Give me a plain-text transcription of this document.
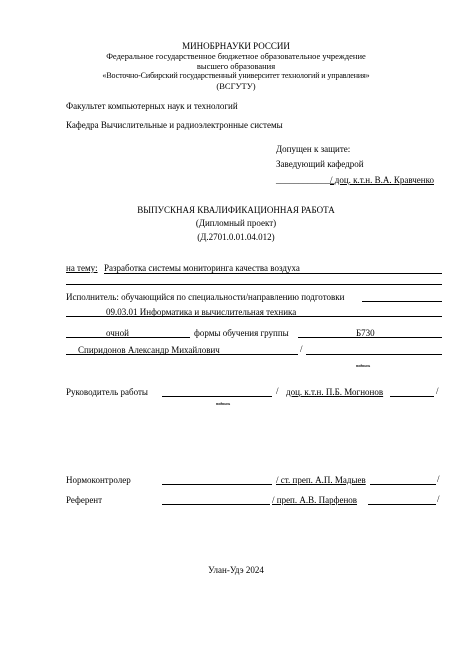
МИНОБРНАУКИ РОССИИ
Федеральное государственное бюджетное образовательное учреждение
высшего образования
«Восточно-Сибирский государственный университет технологий и управления»
(ВСГУТУ)
Факультет компьютерных наук и технологий
Кафедра Вычислительные и радиоэлектронные системы
Допущен к защите:
Заведующий кафедрой
_____________
/ доц. к.т.н. В.А. Кравченко
ВЫПУСКНАЯ КВАЛИФИКАЦИОННАЯ РАБОТА
(Дипломный проект)
(Д.2701.0.01.04.012)
на тему: Разработка системы мониторинга качества воздуха
Исполнитель: обучающийся по специальности/направлению подготовки
09.03.01 Информатика и вычислительная техника
очной	формы обучения группы	Б730
Спиридонов Александр Михайлович	/
подпись
Руководитель работы	/ доц. к.т.н. П.Б. Могнонов	/
подпись
Нормоконтролер	/ ст. преп. А.П. Мадыев	/
Референт	/ преп. А.В. Парфенов	/
Улан-Удэ 2024
